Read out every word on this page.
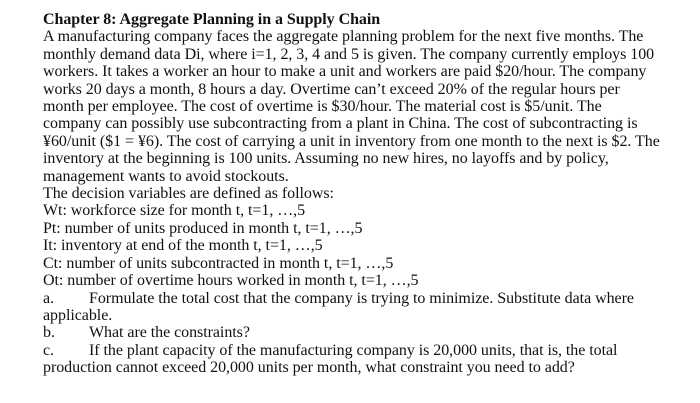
Chapter 8: Aggregate Planning in a Supply Chain

A manufacturing company faces the aggregate planning problem for the next five months. The

monthly demand data Di, where i=1, 2, 3, 4 and 5 is given. The company currently employs 100

workers. It takes a worker an hour to make a unit and workers are paid $20/hour. The company

works 20 days a month, 8 hours a day. Overtime can’t exceed 20% of the regular hours per

month per employee. The cost of overtime is $30/hour. The material cost is $5/unit. The

company can possibly use subcontracting from a plant in China. The cost of subcontracting is

¥60/unit ($1 = ¥6). The cost of carrying a unit in inventory from one month to the next is $2. The

inventory at the beginning is 100 units. Assuming no new hires, no layoffs and by policy,

management wants to avoid stockouts.

The decision variables are defined as follows:

Wt: workforce size for month t, t=1, …,5

Pt: number of units produced in month t, t=1, …,5

It: inventory at end of the month t, t=1, …,5

Ct: number of units subcontracted in month t, t=1, …,5

Ot: number of overtime hours worked in month t, t=1, …,5

a.	Formulate the total cost that the company is trying to minimize. Substitute data where

applicable.

b.	What are the constraints?
c.	If the plant capacity of the manufacturing company is 20,000 units, that is, the total

production cannot exceed 20,000 units per month, what constraint you need to add?
